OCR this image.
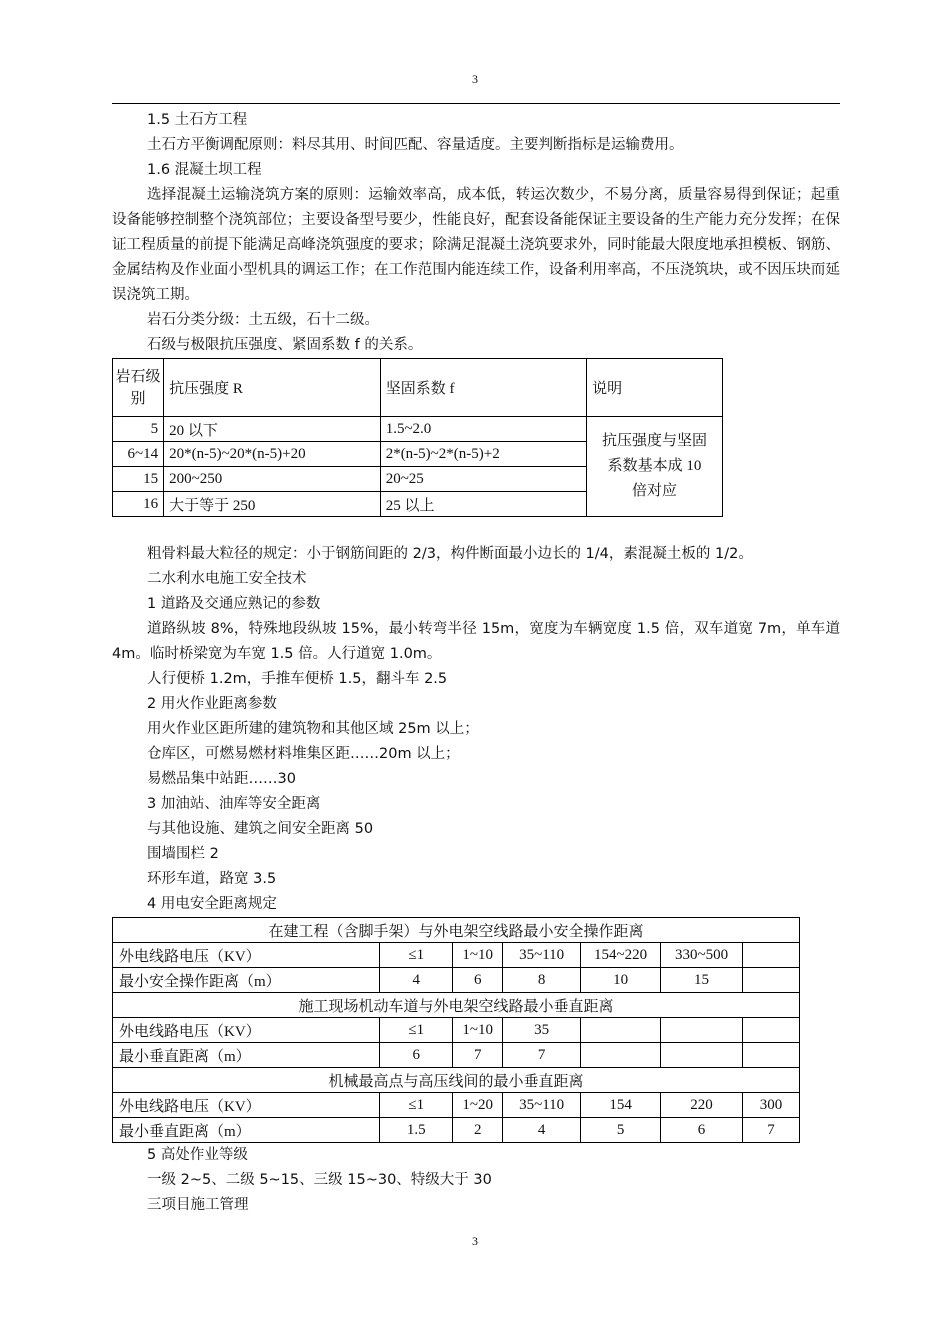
3
1.5 土石方工程
土石方平衡调配原则：料尽其用、时间匹配、容量适度。主要判断指标是运输费用。
1.6 混凝土坝工程
选择混凝土运输浇筑方案的原则：运输效率高，成本低，转运次数少，不易分离，质量容易得到保证；起重设备能够控制整个浇筑部位；主要设备型号要少，性能良好，配套设备能保证主要设备的生产能力充分发挥；在保证工程质量的前提下能满足高峰浇筑强度的要求；除满足混凝土浇筑要求外，同时能最大限度地承担模板、钢筋、金属结构及作业面小型机具的调运工作；在工作范围内能连续工作，设备利用率高，不压浇筑块，或不因压块而延误浇筑工期。
岩石分类分级：土五级，石十二级。
石级与极限抗压强度、紧固系数 f 的关系。
岩石级别	抗压强度 R	坚固系数 f	说明
5	20 以下	1.5~2.0	抗压强度与坚固系数基本成 10 倍对应
6~14	20*(n-5)~20*(n-5)+20	2*(n-5)~2*(n-5)+2	
15	200~250	20~25	
16	大于等于 250	25 以上	
粗骨料最大粒径的规定：小于钢筋间距的 2/3，构件断面最小边长的 1/4，素混凝土板的 1/2。
二水利水电施工安全技术
1 道路及交通应熟记的参数
道路纵坡 8%，特殊地段纵坡 15%，最小转弯半径 15m，宽度为车辆宽度 1.5 倍，双车道宽 7m，单车道 4m。临时桥梁宽为车宽 1.5 倍。人行道宽 1.0m。
人行便桥 1.2m，手推车便桥 1.5，翻斗车 2.5
2 用火作业距离参数
用火作业区距所建的建筑物和其他区域 25m 以上；
仓库区，可燃易燃材料堆集区距……20m 以上；
易燃品集中站距……30
3 加油站、油库等安全距离
与其他设施、建筑之间安全距离 50
围墙围栏 2
环形车道，路宽 3.5
4 用电安全距离规定
在建工程（含脚手架）与外电架空线路最小安全操作距离						
外电线路电压（KV）	≤1	1~10	35~110	154~220	330~500	
最小安全操作距离（m）	4	6	8	10	15	
施工现场机动车道与外电架空线路最小垂直距离						
外电线路电压（KV）	≤1	1~10	35			
最小垂直距离（m）	6	7	7			
机械最高点与高压线间的最小垂直距离						
外电线路电压（KV）	≤1	1~20	35~110	154	220	300
最小垂直距离（m）	1.5	2	4	5	6	7
5 高处作业等级
一级 2~5、二级 5~15、三级 15~30、特级大于 30
三项目施工管理
3
